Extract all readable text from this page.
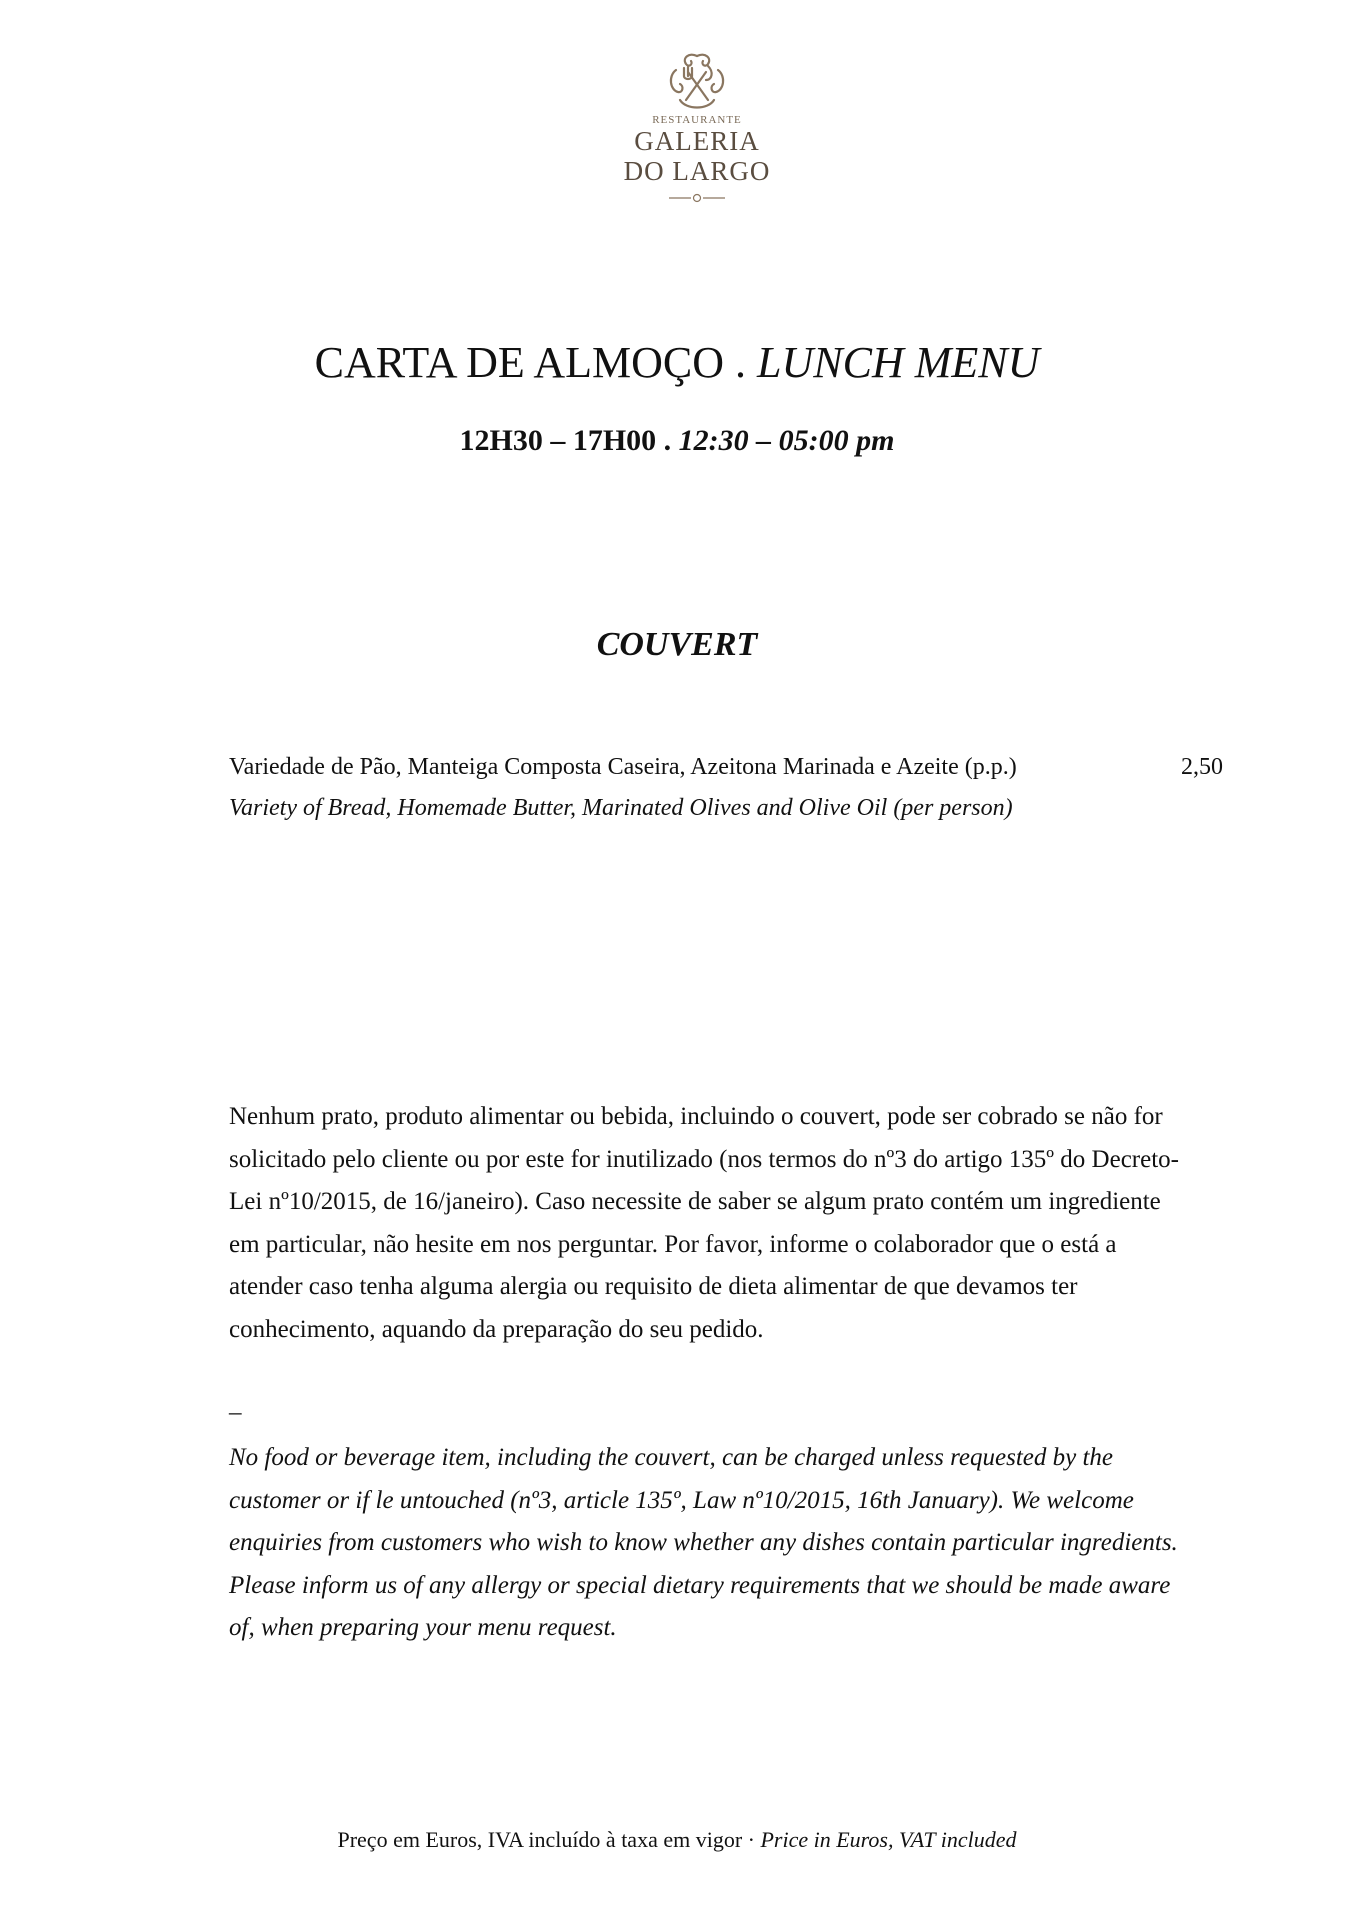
RESTAURANTE
GALERIA
DO LARGO
CARTA DE ALMOÇO . LUNCH MENU
12H30 – 17H00 . 12:30 – 05:00 pm
COUVERT
Variedade de Pão, Manteiga Composta Caseira, Azeitona Marinada e Azeite (p.p.)	2,50
Variety of Bread, Homemade Butter, Marinated Olives and Olive Oil (per person)

Nenhum prato, produto alimentar ou bebida, incluindo o couvert, pode ser cobrado se não for solicitado pelo cliente ou por este for inutilizado (nos termos do nº3 do artigo 135º do Decreto-Lei nº10/2015, de 16/janeiro). Caso necessite de saber se algum prato contém um ingrediente em particular, não hesite em nos perguntar. Por favor, informe o colaborador que o está a atender caso tenha alguma alergia ou requisito de dieta alimentar de que devamos ter conhecimento, aquando da preparação do seu pedido.

_

No food or beverage item, including the couvert, can be charged unless requested by the customer or if le untouched (nº3, article 135º, Law nº10/2015, 16th January). We welcome enquiries from customers who wish to know whether any dishes contain particular ingredients.

Please inform us of any allergy or special dietary requirements that we should be made aware of, when preparing your menu request.

Preço em Euros, IVA incluído à taxa em vigor · Price in Euros, VAT included
